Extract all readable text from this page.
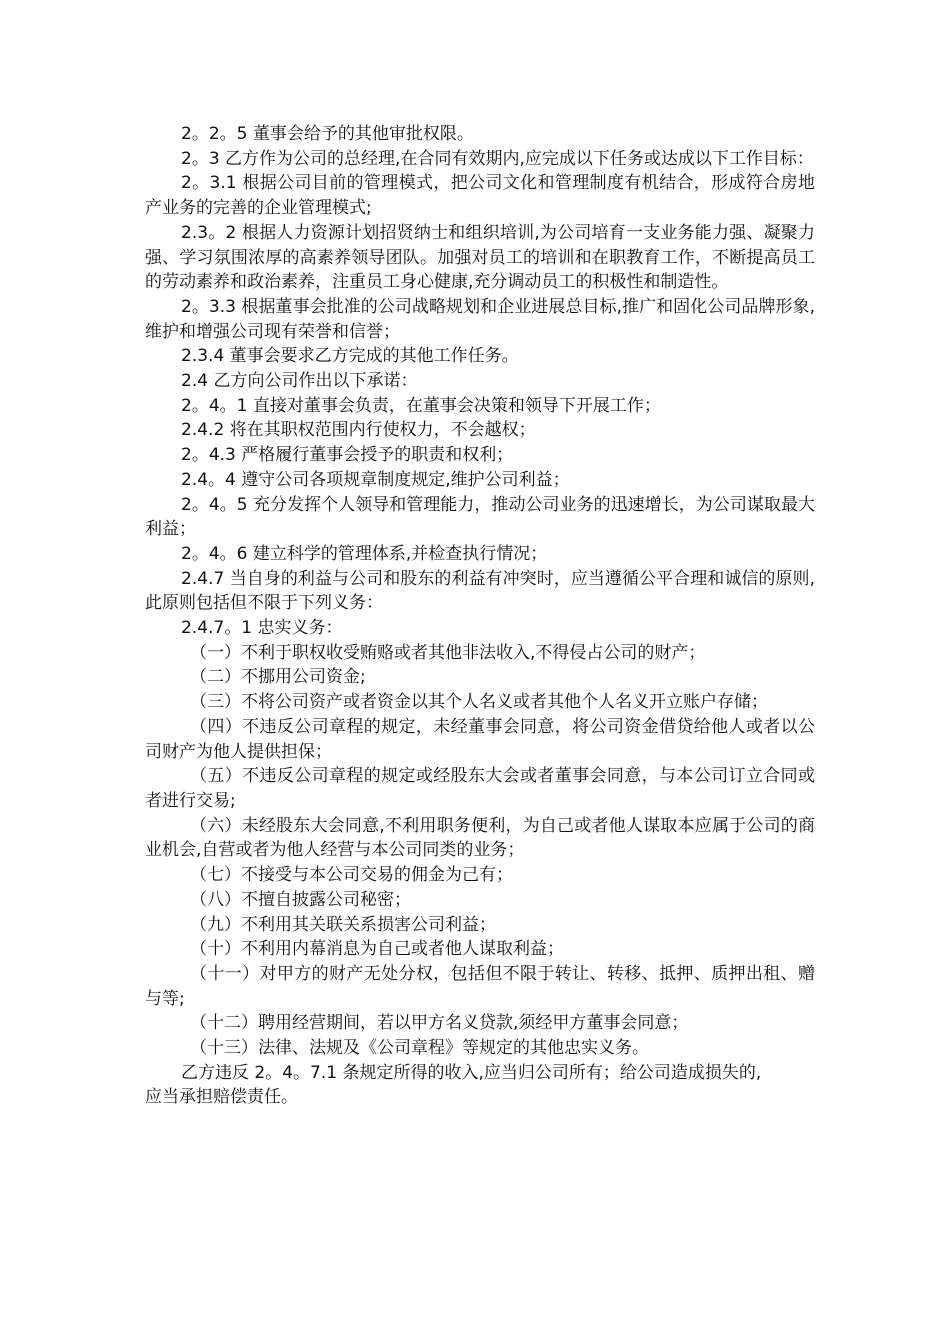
2。2。5 董事会给予的其他审批权限。

2。3 乙方作为公司的总经理,在合同有效期内,应完成以下任务或达成以下工作目标：

2。3.1 根据公司目前的管理模式，把公司文化和管理制度有机结合，形成符合房地产业务的完善的企业管理模式;

2.3。2 根据人力资源计划招贤纳士和组织培训,为公司培育一支业务能力强、凝聚力强、学习氛围浓厚的高素养领导团队。加强对员工的培训和在职教育工作，不断提高员工的劳动素养和政治素养，注重员工身心健康,充分调动员工的积极性和制造性。

2。3.3 根据董事会批准的公司战略规划和企业进展总目标,推广和固化公司品牌形象,维护和增强公司现有荣誉和信誉；

2.3.4 董事会要求乙方完成的其他工作任务。

2.4 乙方向公司作出以下承诺：

2。4。1 直接对董事会负责，在董事会决策和领导下开展工作；

2.4.2 将在其职权范围内行使权力，不会越权；

2。4.3 严格履行董事会授予的职责和权利；

2.4。4 遵守公司各项规章制度规定,维护公司利益；

2。4。5 充分发挥个人领导和管理能力，推动公司业务的迅速增长，为公司谋取最大利益；

2。4。6 建立科学的管理体系,并检查执行情况；

2.4.7 当自身的利益与公司和股东的利益有冲突时，应当遵循公平合理和诚信的原则,此原则包括但不限于下列义务：

2.4.7。1 忠实义务：

（一）不利于职权收受贿赂或者其他非法收入,不得侵占公司的财产；

（二）不挪用公司资金;

（三）不将公司资产或者资金以其个人名义或者其他个人名义开立账户存储；

（四）不违反公司章程的规定，未经董事会同意，将公司资金借贷给他人或者以公司财产为他人提供担保；

（五）不违反公司章程的规定或经股东大会或者董事会同意，与本公司订立合同或者进行交易;

（六）未经股东大会同意,不利用职务便利，为自己或者他人谋取本应属于公司的商业机会,自营或者为他人经营与本公司同类的业务；

（七）不接受与本公司交易的佣金为己有；

（八）不擅自披露公司秘密；

（九）不利用其关联关系损害公司利益；

（十）不利用内幕消息为自己或者他人谋取利益；

（十一）对甲方的财产无处分权，包括但不限于转让、转移、抵押、质押出租、赠与等;

（十二）聘用经营期间，若以甲方名义贷款,须经甲方董事会同意；

（十三）法律、法规及《公司章程》等规定的其他忠实义务。

乙方违反 2。4。7.1 条规定所得的收入,应当归公司所有；给公司造成损失的,

应当承担赔偿责任。
